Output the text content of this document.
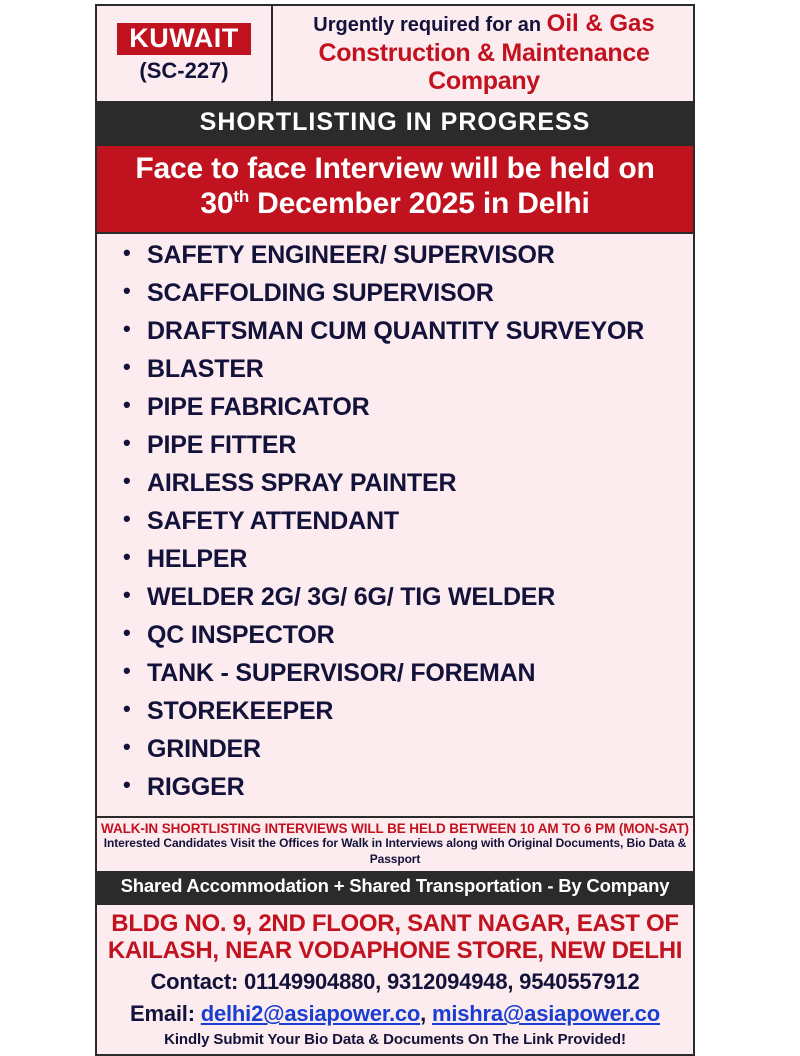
KUWAIT
(SC-227)
Urgently required for an Oil & Gas
Construction & Maintenance Company
SHORTLISTING IN PROGRESS
Face to face Interview will be held on
30th December 2025 in Delhi
• SAFETY ENGINEER/ SUPERVISOR
• SCAFFOLDING SUPERVISOR
• DRAFTSMAN CUM QUANTITY SURVEYOR
• BLASTER
• PIPE FABRICATOR
• PIPE FITTER
• AIRLESS SPRAY PAINTER
• SAFETY ATTENDANT
• HELPER
• WELDER 2G/ 3G/ 6G/ TIG WELDER
• QC INSPECTOR
• TANK - SUPERVISOR/ FOREMAN
• STOREKEEPER
• GRINDER
• RIGGER
WALK-IN SHORTLISTING INTERVIEWS WILL BE HELD BETWEEN 10 AM TO 6 PM (MON-SAT)
Interested Candidates Visit the Offices for Walk in Interviews along with Original Documents, Bio Data & Passport
Shared Accommodation + Shared Transportation - By Company
BLDG NO. 9, 2ND FLOOR, SANT NAGAR, EAST OF
KAILASH, NEAR VODAPHONE STORE, NEW DELHI
Contact: 01149904880, 9312094948, 9540557912
Email: delhi2@asiapower.co, mishra@asiapower.co
Kindly Submit Your Bio Data & Documents On The Link Provided!
